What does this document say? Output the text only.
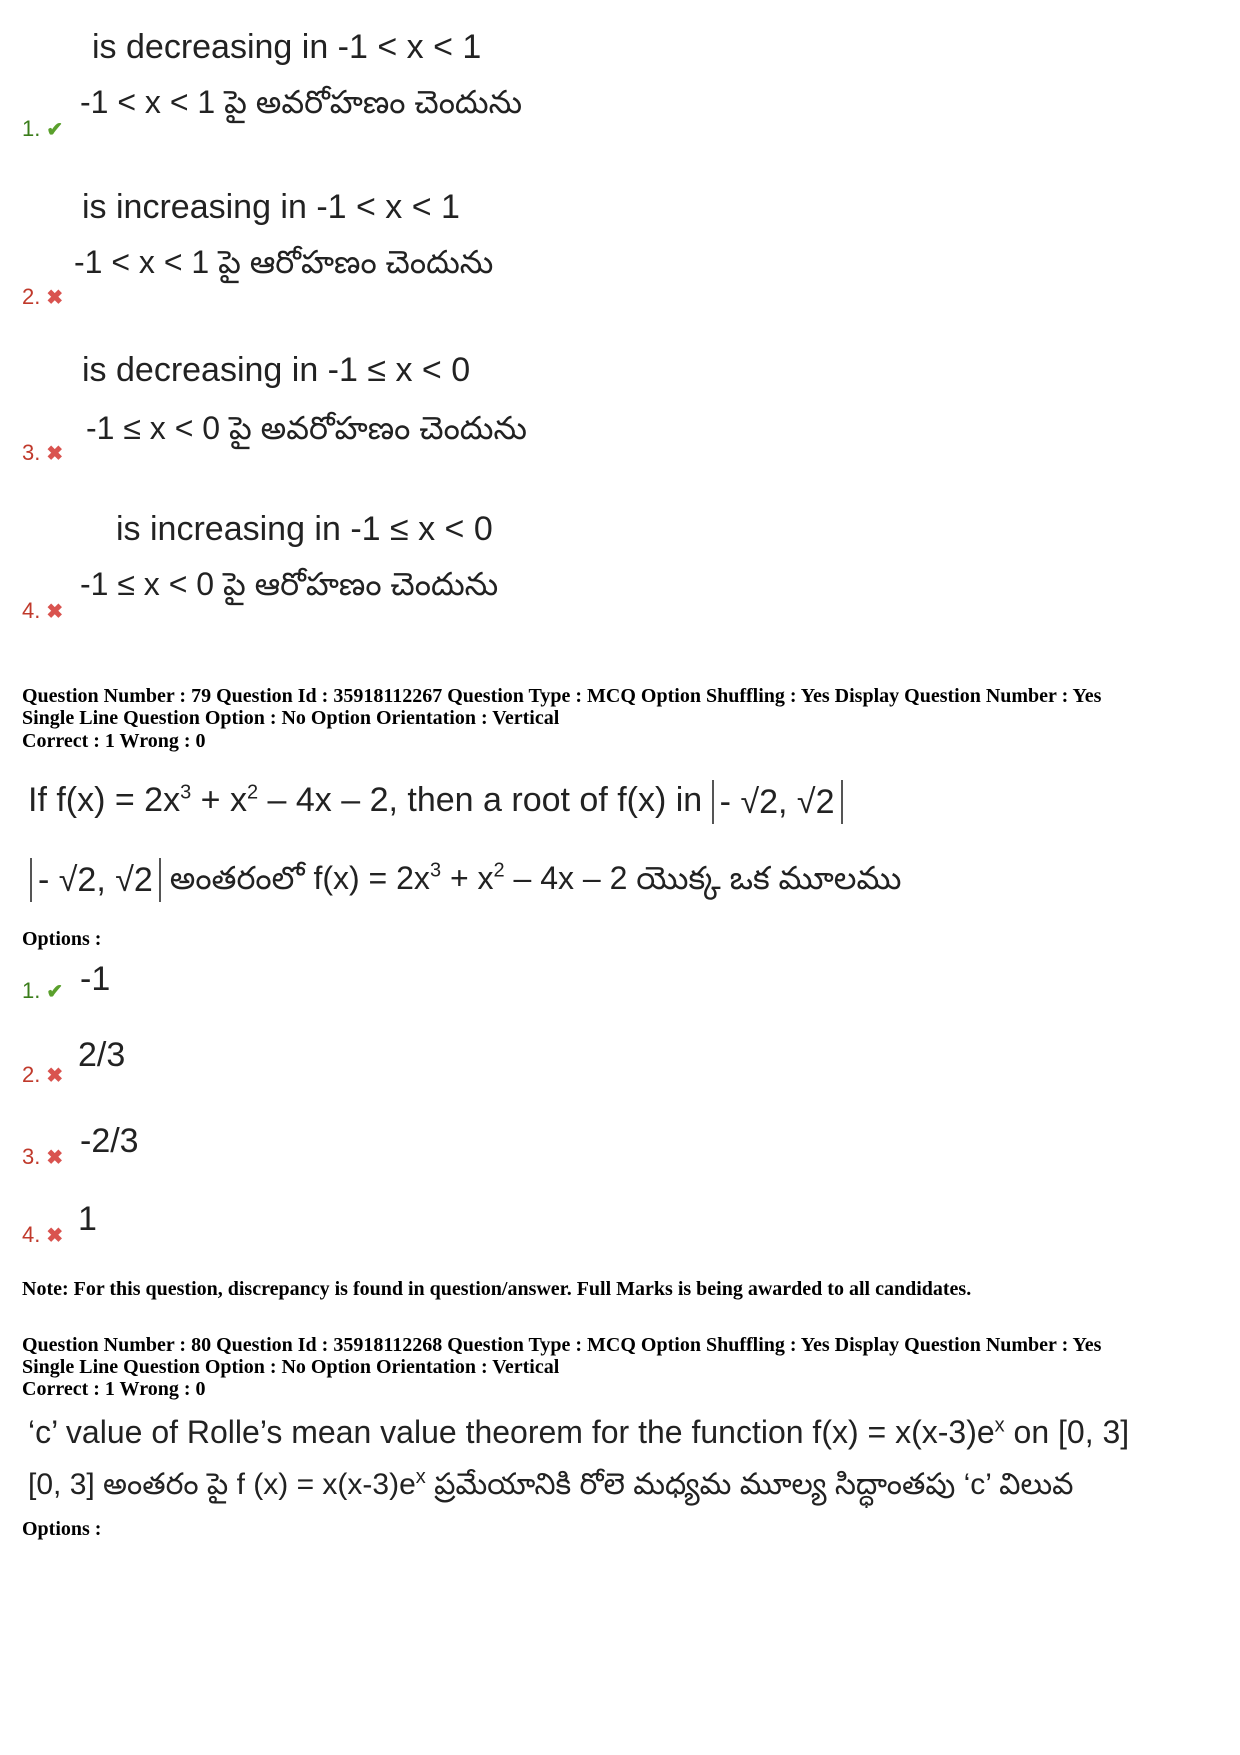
is decreasing in -1 < x < 1
-1 < x < 1 పై అవరోహణం చెందును
1. ✔
is increasing in -1 < x < 1
-1 < x < 1 పై ఆరోహణం చెందును
2. ✖
is decreasing in -1 ≤ x < 0
-1 ≤ x < 0 పై అవరోహణం చెందును
3. ✖
is increasing in -1 ≤ x < 0
-1 ≤ x < 0 పై ఆరోహణం చెందును
4. ✖
Question Number : 79 Question Id : 35918112267 Question Type : MCQ Option Shuffling : Yes Display Question Number : Yes
Single Line Question Option : No Option Orientation : Vertical
Correct : 1 Wrong : 0
If $f(x) = 2x^3 + x^2 - 4x - 2$, then a root of f(x) in - √2, √2
- √2, √2 అంతరంలో $f(x) = 2x^3 + x^2 - 4x - 2$ యొక్క ఒక మూలము
Options :
1. ✔ -1
2. ✖
2/3
3. ✖ -2/3
4. ✖ 1
Note: For this question, discrepancy is found in question/answer. Full Marks is being awarded to all candidates.
Question Number : 80 Question Id : 35918112268 Question Type : MCQ Option Shuffling : Yes Display Question Number : Yes
Single Line Question Option : No Option Orientation : Vertical
Correct : 1 Wrong : 0
‘c’ value of Rolle’s mean value theorem for the function $f(x) = x(x-3)e^x$ on [0, 3]
[0, 3] అంతరం పై f $(x) = x(x-3)e^x$ ప్రమేయానికి రోలె మధ్యమ మూల్య సిద్ధాంతపు ‘c’ విలువ
Options :
